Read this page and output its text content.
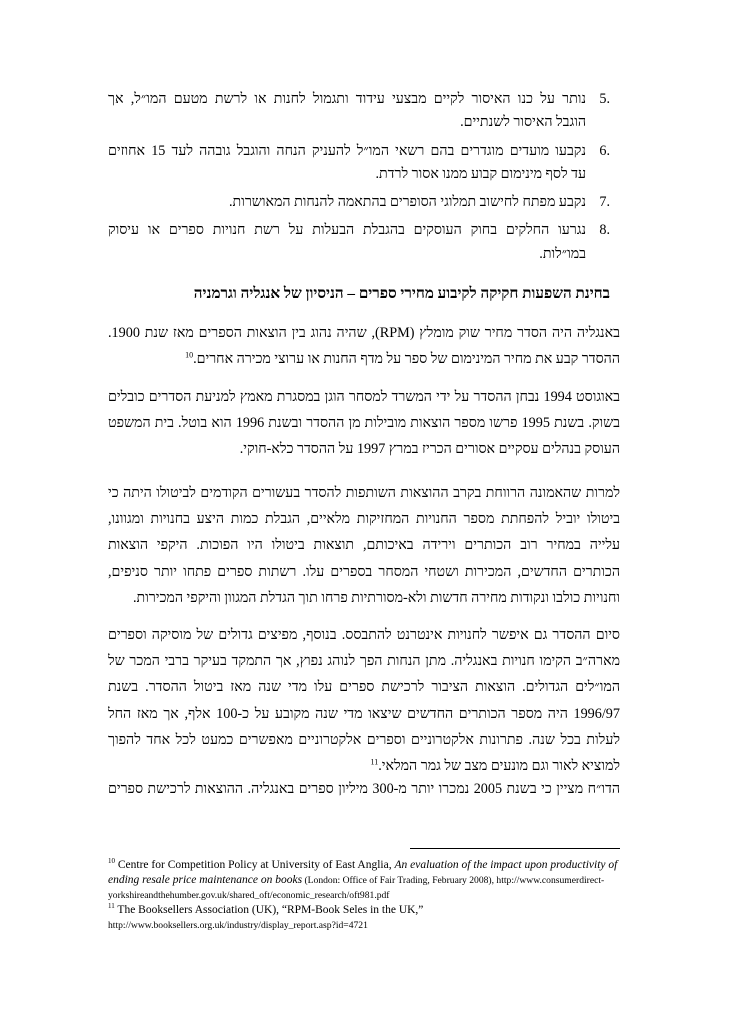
.5
נותר על כנו האיסור לקיים מבצעי עידוד ותגמול לחנות או לרשת מטעם המו״ל, אך
הוגבל האיסור לשנתיים.
.6
נקבעו מועדים מוגדרים בהם רשאי המו״ל להעניק הנחה והוגבל גובהה לעד 15 אחוזים
עד לסף מינימום קבוע ממנו אסור לרדת.
.7
נקבע מפתח לחישוב תמלוגי הסופרים בהתאמה להנחות המאושרות.
.8
נגרעו החלקים בחוק העוסקים בהגבלת הבעלות על רשת חנויות ספרים או עיסוק
במו״לות.
בחינת השפעות חקיקה לקיבוע מחירי ספרים – הניסיון של אנגליה וגרמניה
באנגליה היה הסדר מחיר שוק מומלץ (RPM), שהיה נהוג בין הוצאות הספרים מאז שנת 1900.
ההסדר קבע את מחיר המינימום של ספר על מדף החנות או ערוצי מכירה אחרים.$^{10}$
באוגוסט 1994 נבחן ההסדר על ידי המשרד למסחר הוגן במסגרת מאמץ למניעת הסדרים כובלים
בשוק. בשנת 1995 פרשו מספר הוצאות מובילות מן ההסדר ובשנת 1996 הוא בוטל. בית המשפט
העוסק בנהלים עסקיים אסורים הכריז במרץ 1997 על ההסדר כלא-חוקי.
למרות שהאמונה הרווחת בקרב ההוצאות השותפות להסדר בעשורים הקודמים לביטולו היתה כי
ביטולו יוביל להפחתת מספר החנויות המחזיקות מלאיים, הגבלת כמות היצע בחנויות ומגוונו,
עלייה במחיר רוב הכותרים וירידה באיכותם, תוצאות ביטולו היו הפוכות. היקפי הוצאות
הכותרים החדשים, המכירות ושטחי המסחר בספרים עלו. רשתות ספרים פתחו יותר סניפים,
וחנויות כולבו ונקודות מחירה חדשות ולא-מסורתיות פרחו תוך הגדלת המגוון והיקפי המכירות.
סיום ההסדר גם איפשר לחנויות אינטרנט להתבסס. בנוסף, מפיצים גדולים של מוסיקה וספרים
מארה״ב הקימו חנויות באנגליה. מתן הנחות הפך לנוהג נפוץ, אך התמקד בעיקר ברבי המכר של
המו״לים הגדולים. הוצאות הציבור לרכישת ספרים עלו מדי שנה מאז ביטול ההסדר. בשנת
1996/97 היה מספר הכותרים החדשים שיצאו מדי שנה מקובע על כ-100 אלף, אך מאז החל
לעלות בכל שנה. פתרונות אלקטרוניים וספרים אלקטרוניים מאפשרים כמעט לכל אחד להפוך
למוציא לאור וגם מונעים מצב של גמר המלאי.$^{11}$
הדו״ח מציין כי בשנת 2005 נמכרו יותר מ-300 מיליון ספרים באנגליה. ההוצאות לרכישת ספרים
$^{10}$ Centre for Competition Policy at University of East Anglia, An evaluation of the impact upon productivity of ending resale price maintenance on books (London: Office of Fair Trading, February 2008), http://www.consumerdirect-yorkshireandthehumber.gov.uk/shared_oft/economic_research/oft981.pdf
$^{11}$ The Booksellers Association (UK), “RPM-Book Seles in the UK,”
http://www.booksellers.org.uk/industry/display_report.asp?id=4721
